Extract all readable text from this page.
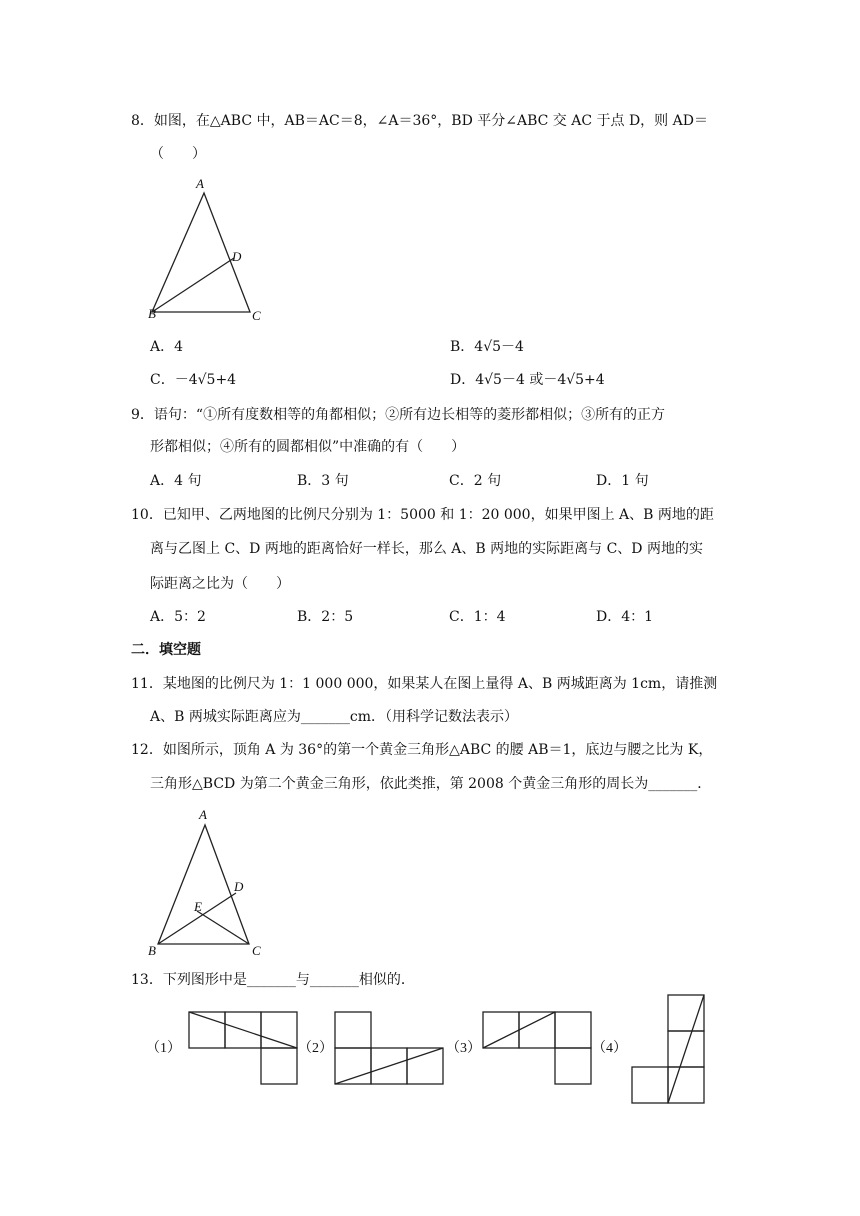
8．如图，在△ABC 中，AB＝AC＝8，∠A＝36°，BD 平分∠ABC 交 AC 于点 D，则 AD＝
（　　）
A
D
B	C
A．4	B．4√5－4
C．－4√5+4	D．4√5－4 或－4√5+4
9．语句：“①所有度数相等的角都相似；②所有边长相等的菱形都相似；③所有的正方
形都相似；④所有的圆都相似”中准确的有（　　）
A．4 句	B．3 句	C．2 句	D．1 句
10．已知甲、乙两地图的比例尺分别为 1：5000 和 1：20 000，如果甲图上 A、B 两地的距
离与乙图上 C、D 两地的距离恰好一样长，那么 A、B 两地的实际距离与 C、D 两地的实
际距离之比为（　　）
A．5：2	B．2：5	C．1：4	D．4：1
二．填空题
11．某地图的比例尺为 1：1 000 000，如果某人在图上量得 A、B 两城距离为 1cm，请推测
A、B 两城实际距离应为_______cm．（用科学记数法表示）
12．如图所示，顶角 A 为 36°的第一个黄金三角形△ABC 的腰 AB＝1，底边与腰之比为 K，
三角形△BCD 为第二个黄金三角形，依此类推，第 2008 个黄金三角形的周长为_______．
A
D
E
B	C
13．下列图形中是_______与_______相似的．
（1）	（2）	（3）	（4）
